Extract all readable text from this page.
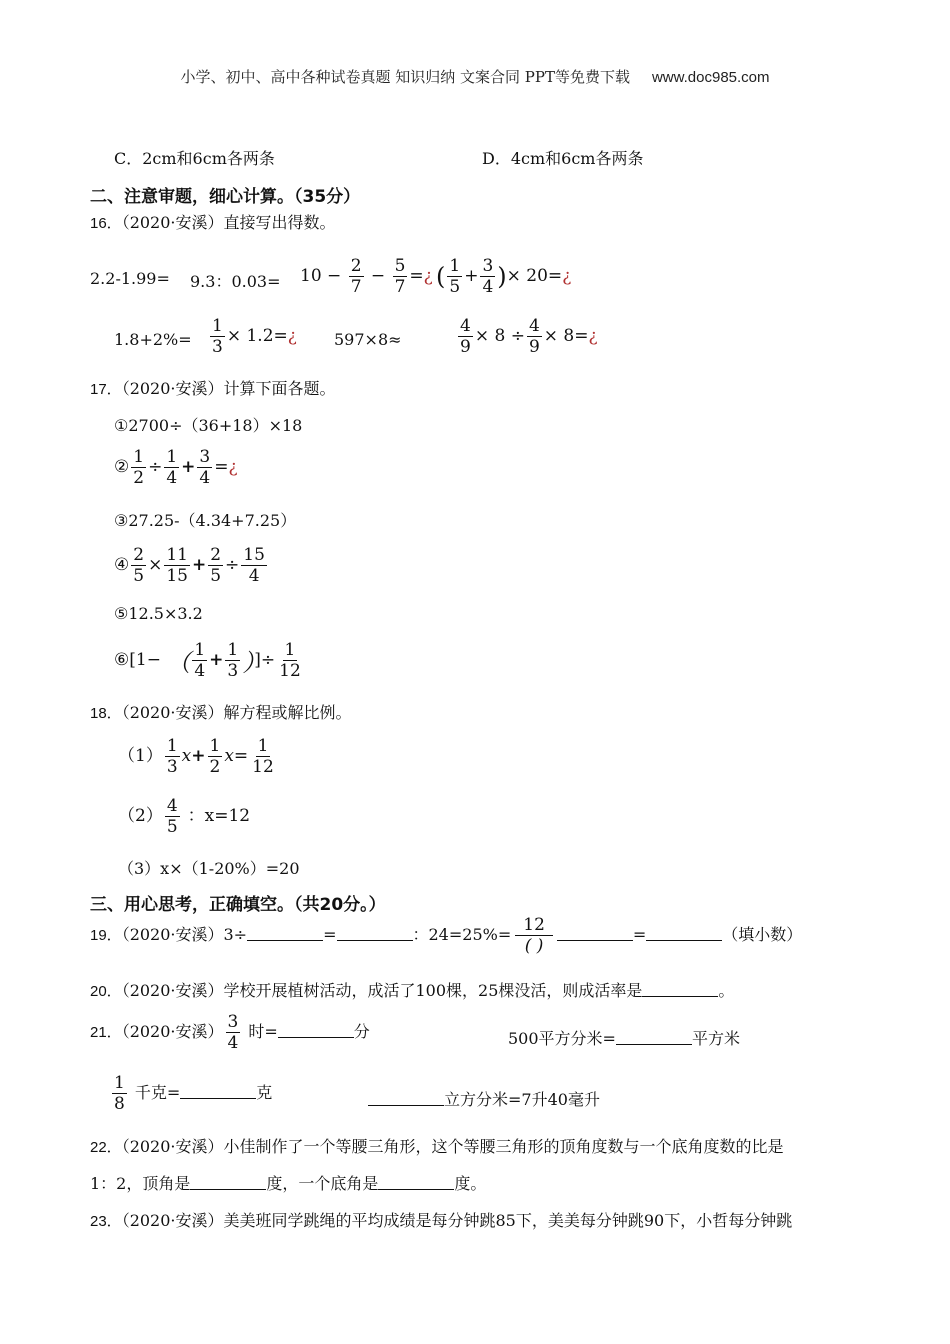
小学、初中、高中各种试卷真题 知识归纳 文案合同 PPT等免费下载 www.doc985.com
C．2cm和6cm各两条	D．4cm和6cm各两条
二、注意审题，细心计算。（35分）
16．（2020·安溪）直接写出得数。
2.2-1.99= 9.3：$0.03= 10 - \frac{2}{7} - \frac{5}{7}$ =¿ ( $\frac{1}{5} + \frac{3}{4}$ )× 20=¿
$1.8+2\%= \frac{1}{3}$ × 1.2=¿ 597×8≈	$\frac{4}{9} \times 8 \div \frac{4}{9}$ × 8=¿
17．（2020·安溪）计算下面各题。
①2700÷（36+18）×18
② $\frac{1}{2} \div \frac{1}{4} + \frac{3}{4}$ =¿
③27.25-（4.34+7.25）
④ $\frac{2}{5} \times \frac{11}{15} + \frac{2}{5} \div \frac{15}{4}$
⑤12.5×3.2
⑥[1− （ $\frac{1}{4} + \frac{1}{3}$ ）]÷ $\frac{1}{12}$
18．（2020·安溪）解方程或解比例。
$(1) \frac{1}{3} x+ \frac{1}{2} x= \frac{1}{12}$
$(2) \frac{4}{5}$ ：x=12
（3）x×（1-20%）=20
三、用心思考，正确填空。（共20分。）
19．（2020·安溪）3÷	=	：$24=25\%= \frac{12}{( )}$	=	（填小数）
20．（2020·安溪）学校开展植树活动，成活了100棵，25棵没活，则成活率是	。
21．（2020·安溪） $\frac{3}{4}$ 时=	分	500平方分米=	平方米
$\frac{1}{8}$ 千克=	克	立方分米=7升40毫升
22．（2020·安溪）小佳制作了一个等腰三角形，这个等腰三角形的顶角度数与一个底角度数的比是
1：2，顶角是	度，一个底角是	度。
23．（2020·安溪）美美班同学跳绳的平均成绩是每分钟跳85下，美美每分钟跳90下，小哲每分钟跳
